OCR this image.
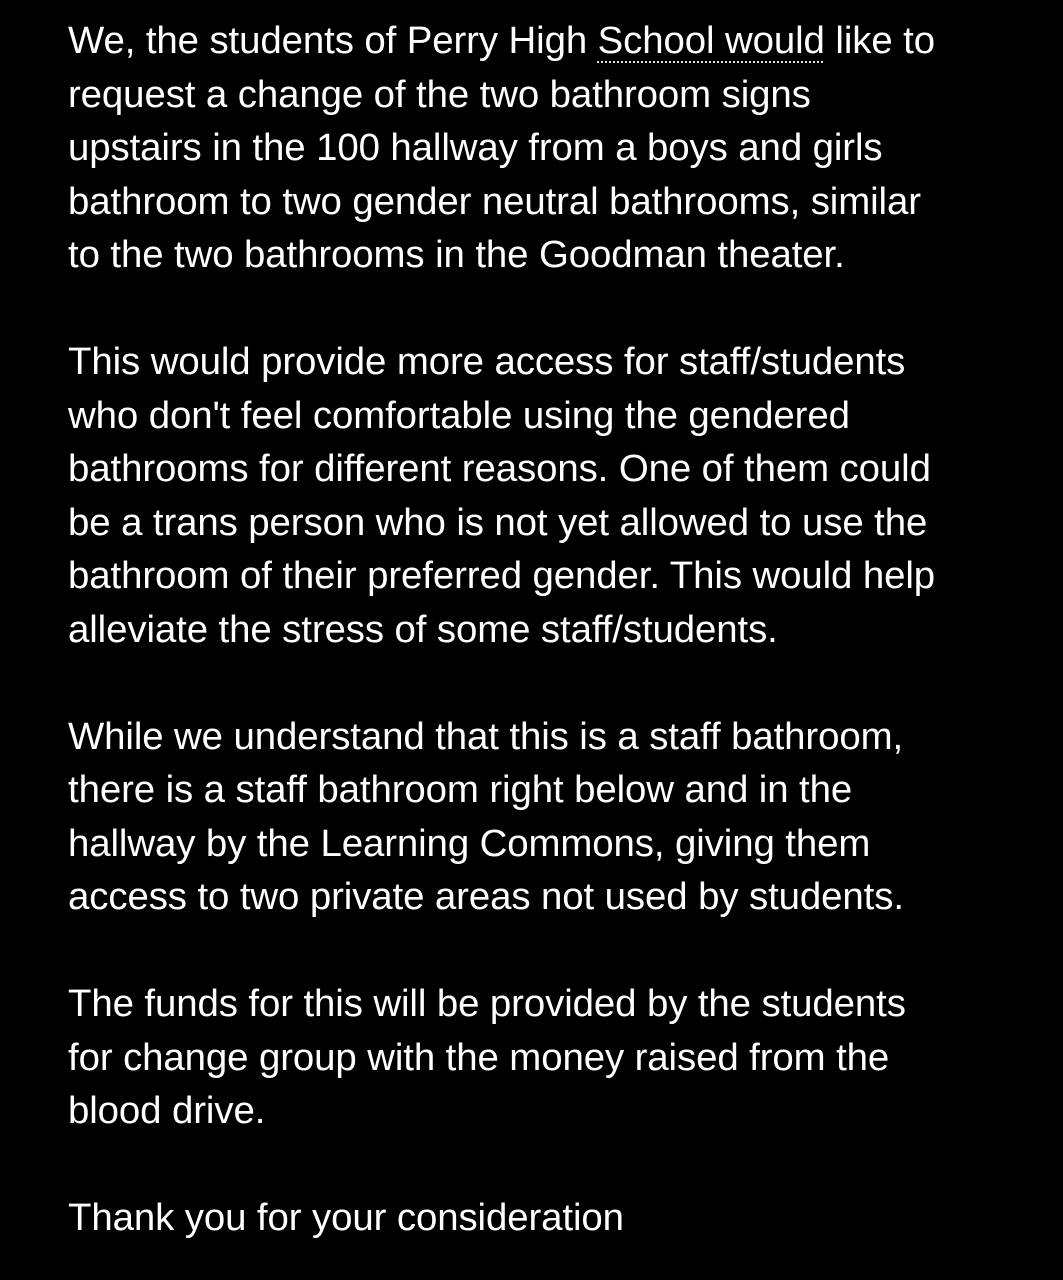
We, the students of Perry High School would like to
request a change of the two bathroom signs
upstairs in the 100 hallway from a boys and girls
bathroom to two gender neutral bathrooms, similar
to the two bathrooms in the Goodman theater.

This would provide more access for staff/students
who don't feel comfortable using the gendered
bathrooms for different reasons. One of them could
be a trans person who is not yet allowed to use the
bathroom of their preferred gender. This would help
alleviate the stress of some staff/students.

While we understand that this is a staff bathroom,
there is a staff bathroom right below and in the
hallway by the Learning Commons, giving them
access to two private areas not used by students.

The funds for this will be provided by the students
for change group with the money raised from the
blood drive.

Thank you for your consideration
